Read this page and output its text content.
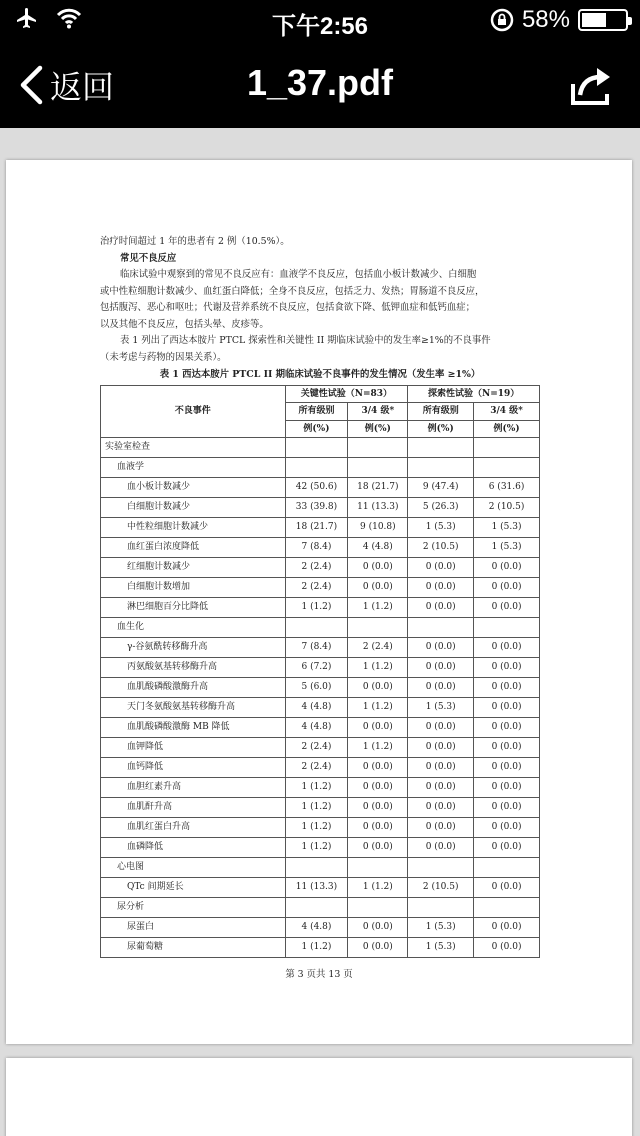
下午2:56	58%
返回	1_37.pdf

治疗时间超过 1 年的患者有 2 例（10.5%）。

常见不良反应

临床试验中观察到的常见不良反应有：血液学不良反应，包括血小板计数减少、白细胞

或中性粒细胞计数减少、血红蛋白降低；全身不良反应，包括乏力、发热；胃肠道不良反应，

包括腹泻、恶心和呕吐；代谢及营养系统不良反应，包括食欲下降、低钾血症和低钙血症；

以及其他不良反应，包括头晕、皮疹等。

表 1 列出了西达本胺片 PTCL 探索性和关键性 II 期临床试验中的发生率≥1%的不良事件

（未考虑与药物的因果关系）。

表 1 西达本胺片 PTCL II 期临床试验不良事件的发生情况（发生率 ≥1%）

不良事件	关键性试验（N=83）		探索性试验（N=19）	
	所有级别	3/4 级*	所有级别	3/4 级*
	例(%)	例(%)	例(%)	例(%)
实验室检查				
血液学				
血小板计数减少	42 (50.6)	18 (21.7)	9 (47.4)	6 (31.6)
白细胞计数减少	33 (39.8)	11 (13.3)	5 (26.3)	2 (10.5)
中性粒细胞计数减少	18 (21.7)	9 (10.8)	1 (5.3)	1 (5.3)
血红蛋白浓度降低	7 (8.4)	4 (4.8)	2 (10.5)	1 (5.3)
红细胞计数减少	2 (2.4)	0 (0.0)	0 (0.0)	0 (0.0)
白细胞计数增加	2 (2.4)	0 (0.0)	0 (0.0)	0 (0.0)
淋巴细胞百分比降低	1 (1.2)	1 (1.2)	0 (0.0)	0 (0.0)
血生化				
γ-谷氨酰转移酶升高	7 (8.4)	2 (2.4)	0 (0.0)	0 (0.0)
丙氨酸氨基转移酶升高	6 (7.2)	1 (1.2)	0 (0.0)	0 (0.0)
血肌酸磷酸激酶升高	5 (6.0)	0 (0.0)	0 (0.0)	0 (0.0)
天门冬氨酸氨基转移酶升高	4 (4.8)	1 (1.2)	1 (5.3)	0 (0.0)
血肌酸磷酸激酶 MB 降低	4 (4.8)	0 (0.0)	0 (0.0)	0 (0.0)
血钾降低	2 (2.4)	1 (1.2)	0 (0.0)	0 (0.0)
血钙降低	2 (2.4)	0 (0.0)	0 (0.0)	0 (0.0)
血胆红素升高	1 (1.2)	0 (0.0)	0 (0.0)	0 (0.0)
血肌酐升高	1 (1.2)	0 (0.0)	0 (0.0)	0 (0.0)
血肌红蛋白升高	1 (1.2)	0 (0.0)	0 (0.0)	0 (0.0)
血磷降低	1 (1.2)	0 (0.0)	0 (0.0)	0 (0.0)
心电图				
QTc 间期延长	11 (13.3)	1 (1.2)	2 (10.5)	0 (0.0)
尿分析				
尿蛋白	4 (4.8)	0 (0.0)	1 (5.3)	0 (0.0)
尿葡萄糖	1 (1.2)	0 (0.0)	1 (5.3)	0 (0.0)
第 3 页共 13 页
